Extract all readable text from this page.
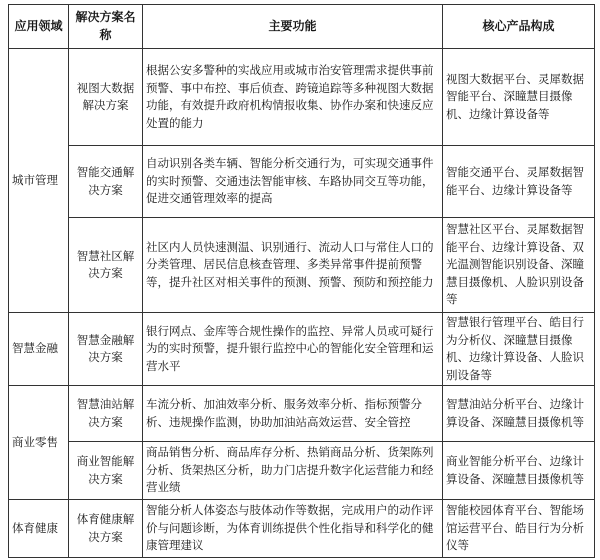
应用领域	解决方案名称	主要功能	核心产品构成
城市管理	视图大数据解决方案	根据公安多警种的实战应用或城市治安管理需求提供事前预警、事中布控、事后侦查、跨镜追踪等多种视图大数据功能，有效提升政府机构情报收集、协作办案和快速反应处置的能力	视图大数据平台、灵犀数据智能平台、深瞳慧目摄像机、边缘计算设备等
	智能交通解决方案	自动识别各类车辆、智能分析交通行为，可实现交通事件的实时预警、交通违法智能审核、车路协同交互等功能，促进交通管理效率的提高	智能交通平台、灵犀数据智能平台、边缘计算设备等
	智慧社区解决方案	社区内人员快速测温、识别通行、流动人口与常住人口的分类管理、居民信息核查管理、多类异常事件提前预警等，提升社区对相关事件的预测、预警、预防和预控能力	智慧社区平台、灵犀数据智能平台、边缘计算设备、双光温测智能识别设备、深瞳慧目摄像机、人脸识别设备等
智慧金融	智慧金融解决方案	银行网点、金库等合规性操作的监控、异常人员或可疑行为的实时预警，提升银行监控中心的智能化安全管理和运营水平	智慧银行管理平台、皓目行为分析仪、深瞳慧目摄像机、边缘计算设备、人脸识别设备等
商业零售	智慧油站解决方案	车流分析、加油效率分析、服务效率分析、指标预警分析、违规操作监测，协助加油站高效运营、安全管控	智慧油站分析平台、边缘计算设备、深瞳慧目摄像机等
	商业智能解决方案	商品销售分析、商品库存分析、热销商品分析、货架陈列分析、货架热区分析，助力门店提升数字化运营能力和经营业绩	商业智能分析平台、边缘计算设备、深瞳慧目摄像机等
体育健康	体育健康解决方案	智能分析人体姿态与肢体动作等数据，完成用户的动作评价与问题诊断，为体育训练提供个性化指导和科学化的健康管理建议	智能校园体育平台、智能场馆运营平台、皓目行为分析仪等
